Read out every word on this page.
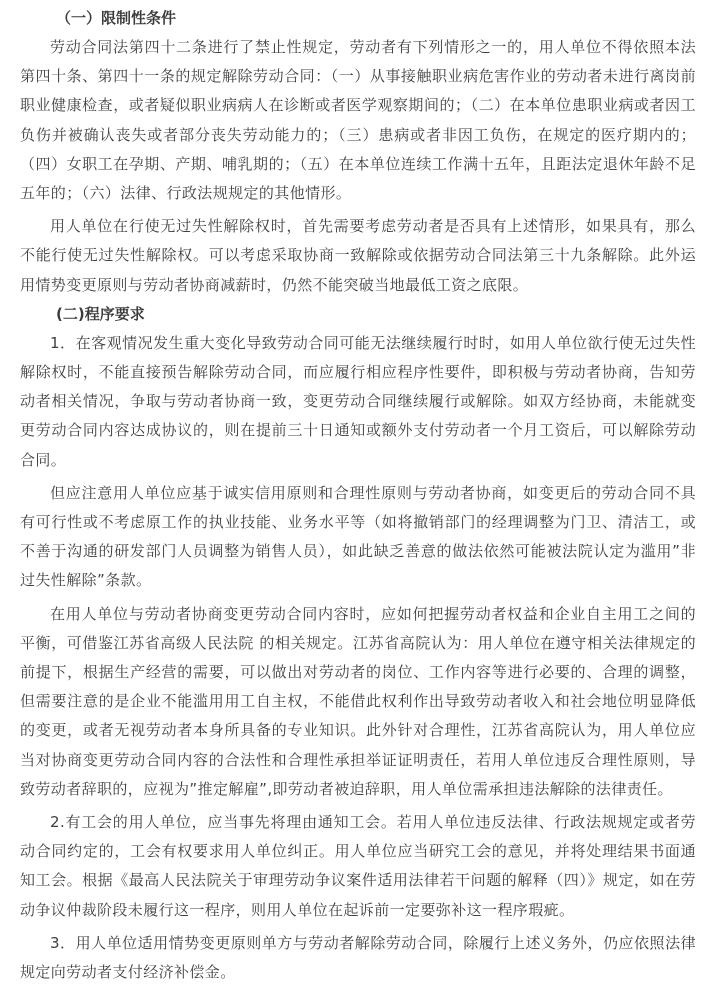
（一）限制性条件

劳动合同法第四十二条进行了禁止性规定，劳动者有下列情形之一的，用人单位不得依照本法第四十条、第四十一条的规定解除劳动合同：（一）从事接触职业病危害作业的劳动者未进行离岗前职业健康检查，或者疑似职业病病人在诊断或者医学观察期间的；（二）在本单位患职业病或者因工负伤并被确认丧失或者部分丧失劳动能力的；（三）患病或者非因工负伤，在规定的医疗期内的；（四）女职工在孕期、产期、哺乳期的；（五）在本单位连续工作满十五年，且距法定退休年龄不足五年的；（六）法律、行政法规规定的其他情形。

用人单位在行使无过失性解除权时，首先需要考虑劳动者是否具有上述情形，如果具有，那么不能行使无过失性解除权。可以考虑采取协商一致解除或依据劳动合同法第三十九条解除。此外运用情势变更原则与劳动者协商减薪时，仍然不能突破当地最低工资之底限。

(二)程序要求

1．在客观情况发生重大变化导致劳动合同可能无法继续履行时时，如用人单位欲行使无过失性解除权时，不能直接预告解除劳动合同，而应履行相应程序性要件，即积极与劳动者协商，告知劳动者相关情况，争取与劳动者协商一致，变更劳动合同继续履行或解除。如双方经协商，未能就变更劳动合同内容达成协议的，则在提前三十日通知或额外支付劳动者一个月工资后，可以解除劳动合同。

但应注意用人单位应基于诚实信用原则和合理性原则与劳动者协商，如变更后的劳动合同不具有可行性或不考虑原工作的执业技能、业务水平等（如将撤销部门的经理调整为门卫、清洁工，或不善于沟通的研发部门人员调整为销售人员），如此缺乏善意的做法依然可能被法院认定为滥用”非过失性解除”条款。

在用人单位与劳动者协商变更劳动合同内容时，应如何把握劳动者权益和企业自主用工之间的平衡，可借鉴江苏省高级人民法院 的相关规定。江苏省高院认为：用人单位在遵守相关法律规定的前提下，根据生产经营的需要，可以做出对劳动者的岗位、工作内容等进行必要的、合理的调整，但需要注意的是企业不能滥用用工自主权，不能借此权利作出导致劳动者收入和社会地位明显降低的变更，或者无视劳动者本身所具备的专业知识。此外针对合理性，江苏省高院认为，用人单位应当对协商变更劳动合同内容的合法性和合理性承担举证证明责任，若用人单位违反合理性原则，导致劳动者辞职的，应视为”推定解雇”,即劳动者被迫辞职，用人单位需承担违法解除的法律责任。

2.有工会的用人单位，应当事先将理由通知工会。若用人单位违反法律、行政法规规定或者劳动合同约定的，工会有权要求用人单位纠正。用人单位应当研究工会的意见，并将处理结果书面通知工会。根据《最高人民法院关于审理劳动争议案件适用法律若干问题的解释（四）》规定，如在劳动争议仲裁阶段未履行这一程序，则用人单位在起诉前一定要弥补这一程序瑕疵。

3．用人单位适用情势变更原则单方与劳动者解除劳动合同，除履行上述义务外，仍应依照法律规定向劳动者支付经济补偿金。
